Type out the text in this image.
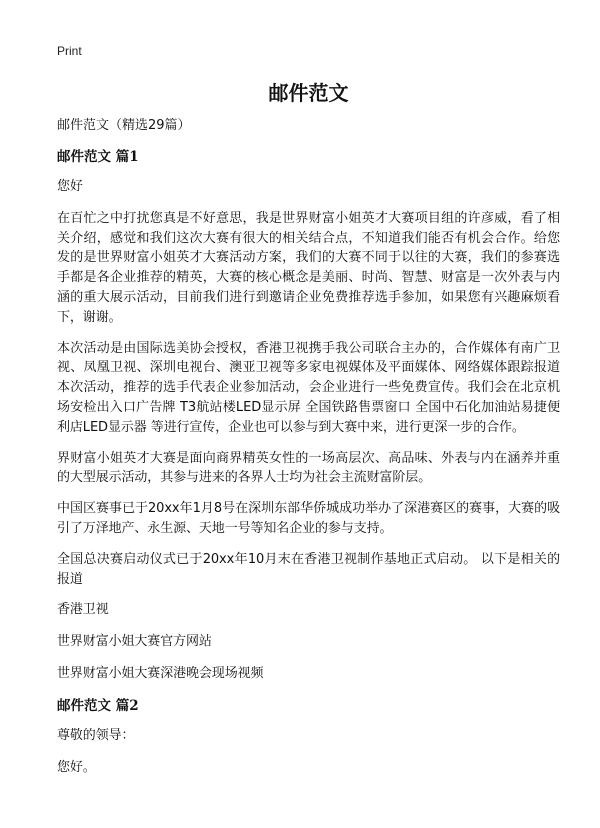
Print
邮件范文
邮件范文（精选29篇）
邮件范文 篇1

您好

在百忙之中打扰您真是不好意思，我是世界财富小姐英才大赛项目组的许彦威，看了相关介绍，感觉和我们这次大赛有很大的相关结合点，不知道我们能否有机会合作。给您发的是世界财富小姐英才大赛活动方案，我们的大赛不同于以往的大赛，我们的参赛选手都是各企业推荐的精英，大赛的核心概念是美丽、时尚、智慧、财富是一次外表与内涵的重大展示活动，目前我们进行到邀请企业免费推荐选手参加，如果您有兴趣麻烦看下，谢谢。

本次活动是由国际选美协会授权，香港卫视携手我公司联合主办的，合作媒体有南广卫视、凤凰卫视、深圳电视台、澳亚卫视等多家电视媒体及平面媒体、网络媒体跟踪报道本次活动，推荐的选手代表企业参加活动，会企业进行一些免费宣传。我们会在北京机场安检出入口广告牌 T3航站楼LED显示屏 全国铁路售票窗口 全国中石化加油站易捷便利店LED显示器 等进行宣传，企业也可以参与到大赛中来，进行更深一步的合作。

界财富小姐英才大赛是面向商界精英女性的一场高层次、高品味、外表与内在涵养并重的大型展示活动，其参与进来的各界人士均为社会主流财富阶层。

中国区赛事已于20xx年1月8号在深圳东部华侨城成功举办了深港赛区的赛事，大赛的吸引了万泽地产、永生源、天地一号等知名企业的参与支持。

全国总决赛启动仪式已于20xx年10月末在香港卫视制作基地正式启动。 以下是相关的报道

香港卫视

世界财富小姐大赛官方网站

世界财富小姐大赛深港晚会现场视频

邮件范文 篇2

尊敬的领导：

您好。
